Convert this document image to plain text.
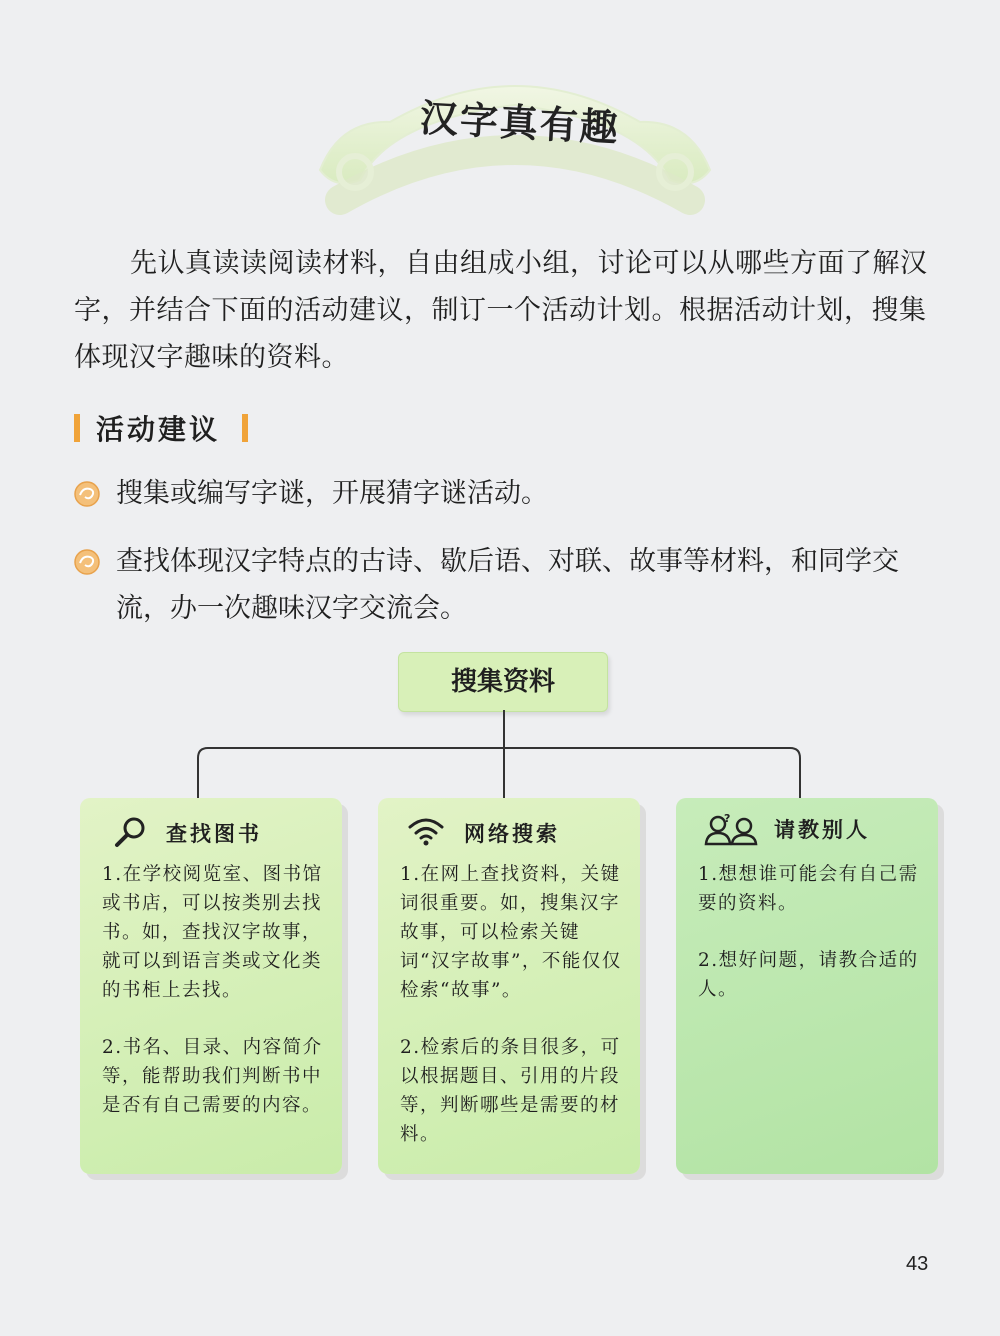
汉字真有趣
先认真读读阅读材料，自由组成小组，讨论可以从哪些方面了解汉字，并结合下面的活动建议，制订一个活动计划。根据活动计划，搜集体现汉字趣味的资料。
活动建议
搜集或编写字谜，开展猜字谜活动。
查找体现汉字特点的古诗、歇后语、对联、故事等材料，和同学交流，办一次趣味汉字交流会。
搜集资料
查找图书

1.在学校阅览室、图书馆或书店，可以按类别去找书。如，查找汉字故事，就可以到语言类或文化类的书柜上去找。

2.书名、目录、内容简介等，能帮助我们判断书中是否有自己需要的内容。

网络搜索

1.在网上查找资料，关键词很重要。如，搜集汉字故事，可以检索关键词“汉字故事”，不能仅仅检索“故事”。

2.检索后的条目很多，可以根据题目、引用的片段等，判断哪些是需要的材料。

? 请教别人

1.想想谁可能会有自己需要的资料。

2.想好问题，请教合适的人。

43
